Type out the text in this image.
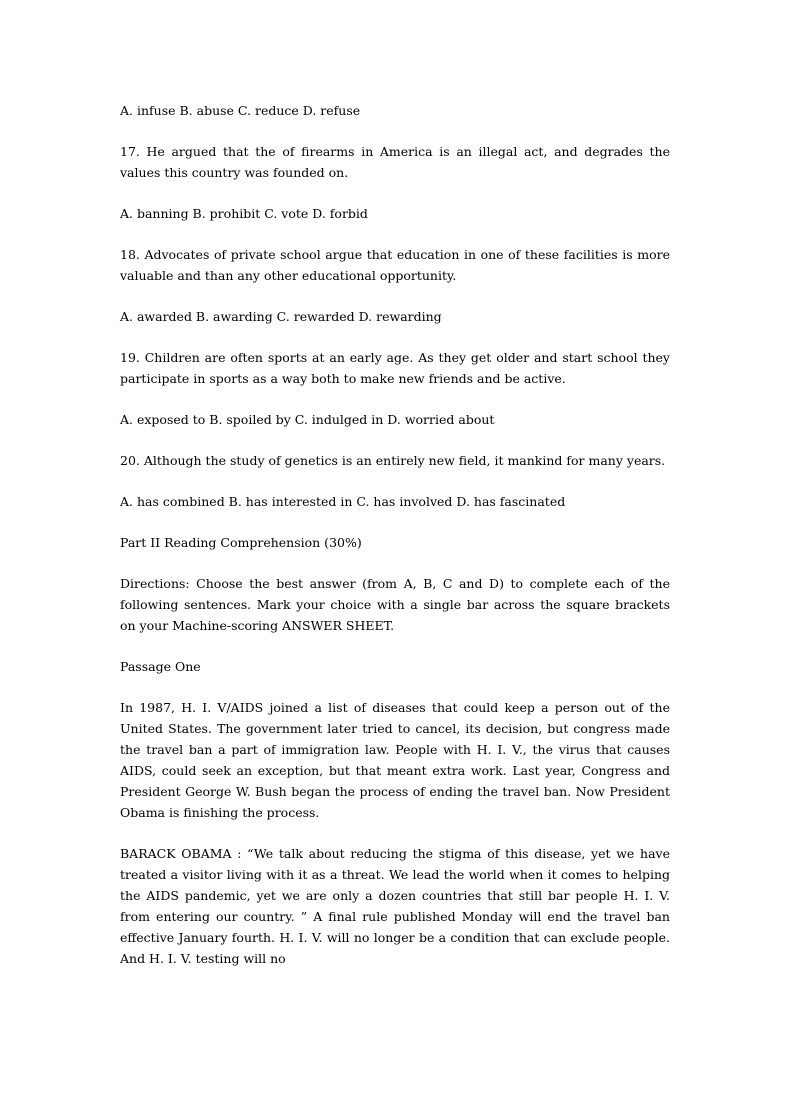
A. infuse B. abuse C. reduce D. refuse

17. He argued that the of firearms in America is an illegal act, and degrades the values this country was founded on.

A. banning B. prohibit C. vote D. forbid

18. Advocates of private school argue that education in one of these facilities is more valuable and than any other educational opportunity.

A. awarded B. awarding C. rewarded D. rewarding

19. Children are often sports at an early age. As they get older and start school they participate in sports as a way both to make new friends and be active.

A. exposed to B. spoiled by C. indulged in D. worried about

20. Although the study of genetics is an entirely new field, it mankind for many years.

A. has combined B. has interested in C. has involved D. has fascinated

Part II Reading Comprehension (30%)

Directions: Choose the best answer (from A, B, C and D) to complete each of the following sentences. Mark your choice with a single bar across the square brackets on your Machine-scoring ANSWER SHEET.

Passage One

In 1987, H. I. V/AIDS joined a list of diseases that could keep a person out of the United States. The government later tried to cancel, its decision, but congress made the travel ban a part of immigration law. People with H. I. V., the virus that causes AIDS, could seek an exception, but that meant extra work. Last year, Congress and President George W. Bush began the process of ending the travel ban. Now President Obama is finishing the process.

BARACK OBAMA : “We talk about reducing the stigma of this disease, yet we have treated a visitor living with it as a threat. We lead the world when it comes to helping the AIDS pandemic, yet we are only a dozen countries that still bar people H. I. V. from entering our country. ” A final rule published Monday will end the travel ban effective January fourth. H. I. V. will no longer be a condition that can exclude people. And H. I. V. testing will no
